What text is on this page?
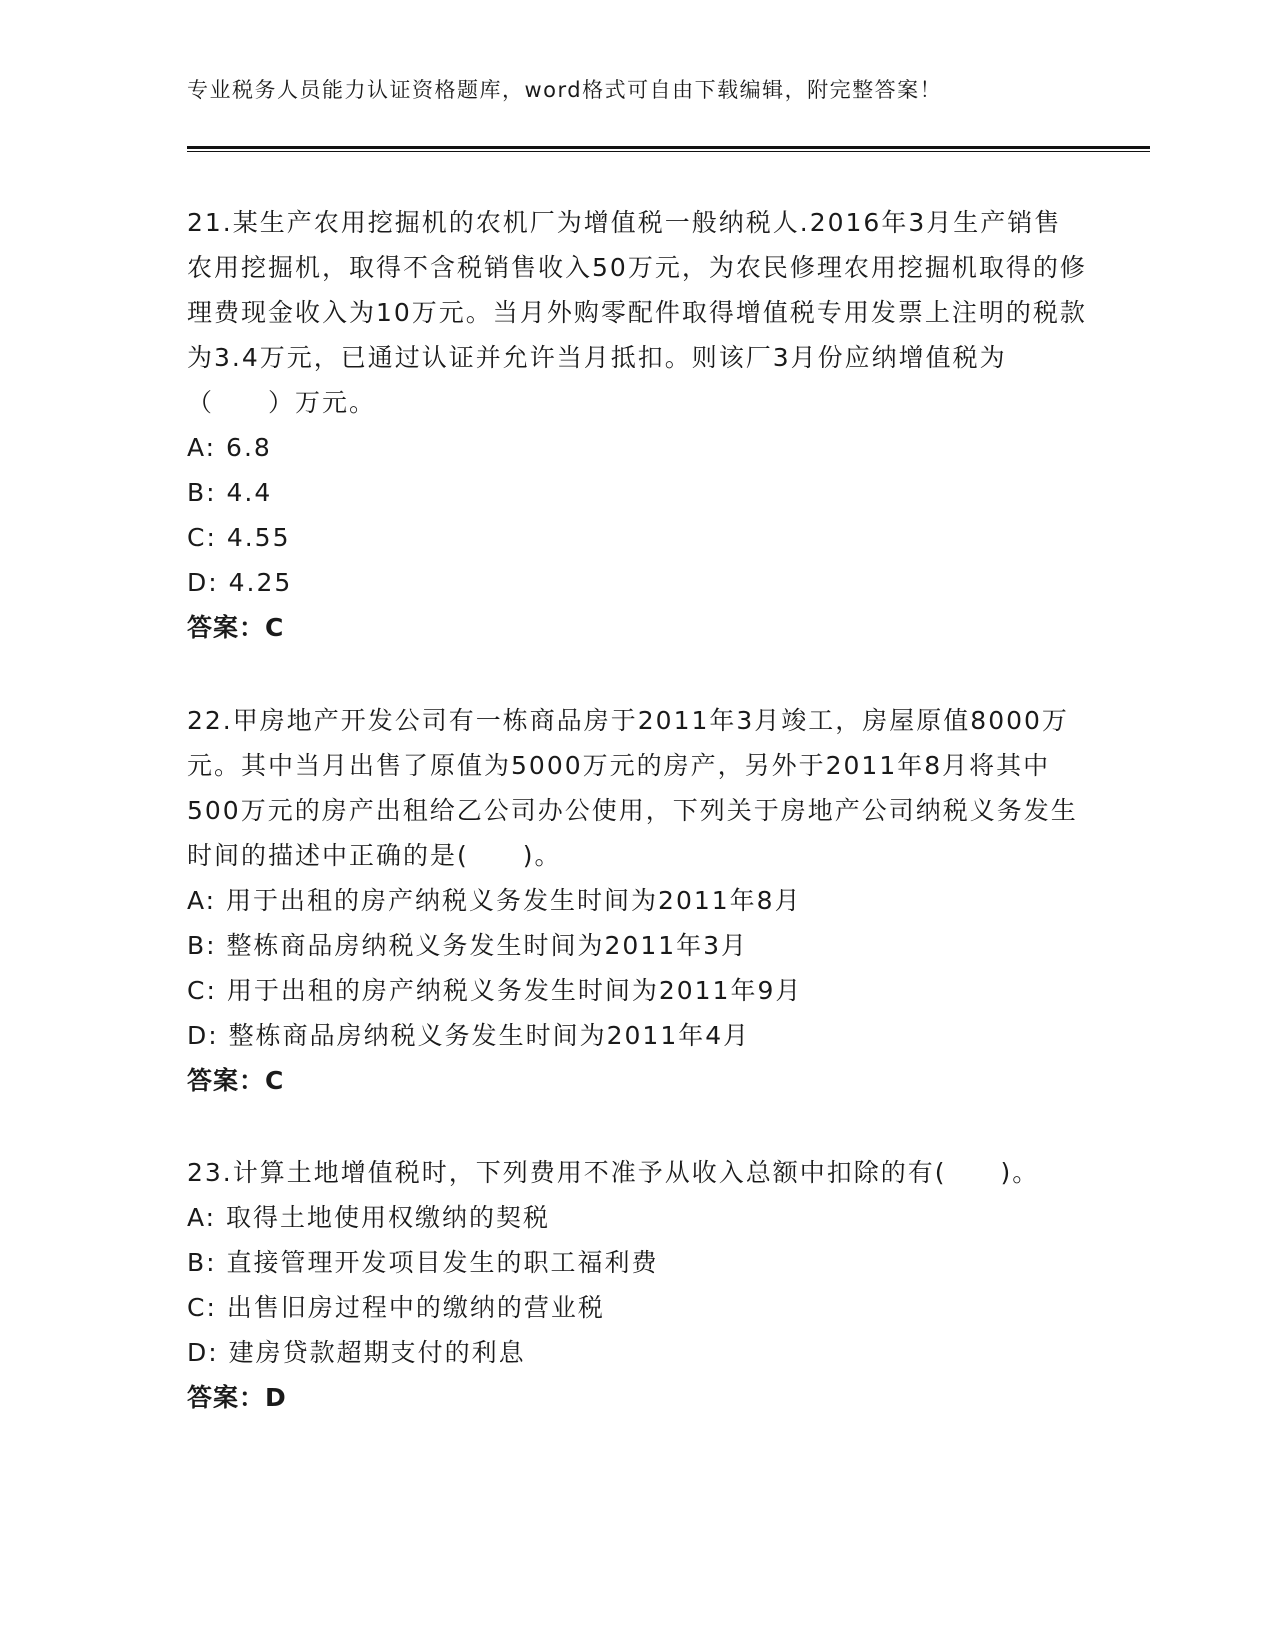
专业税务人员能力认证资格题库，word格式可自由下载编辑，附完整答案！

21.某生产农用挖掘机的农机厂为增值税一般纳税人.2016年3月生产销售农用挖掘机，取得不含税销售收入50万元，为农民修理农用挖掘机取得的修理费现金收入为10万元。当月外购零配件取得增值税专用发票上注明的税款为3.4万元，已通过认证并允许当月抵扣。则该厂3月份应纳增值税为（　　）万元。

A: 6.8
B: 4.4
C: 4.55
D: 4.25
答案：C

22.甲房地产开发公司有一栋商品房于2011年3月竣工，房屋原值8000万元。其中当月出售了原值为5000万元的房产，另外于2011年8月将其中500万元的房产出租给乙公司办公使用，下列关于房地产公司纳税义务发生时间的描述中正确的是(　　)。

A: 用于出租的房产纳税义务发生时间为2011年8月
B: 整栋商品房纳税义务发生时间为2011年3月
C: 用于出租的房产纳税义务发生时间为2011年9月
D: 整栋商品房纳税义务发生时间为2011年4月
答案：C

23.计算土地增值税时，下列费用不准予从收入总额中扣除的有(　　)。

A: 取得土地使用权缴纳的契税
B: 直接管理开发项目发生的职工福利费
C: 出售旧房过程中的缴纳的营业税
D: 建房贷款超期支付的利息
答案：D
